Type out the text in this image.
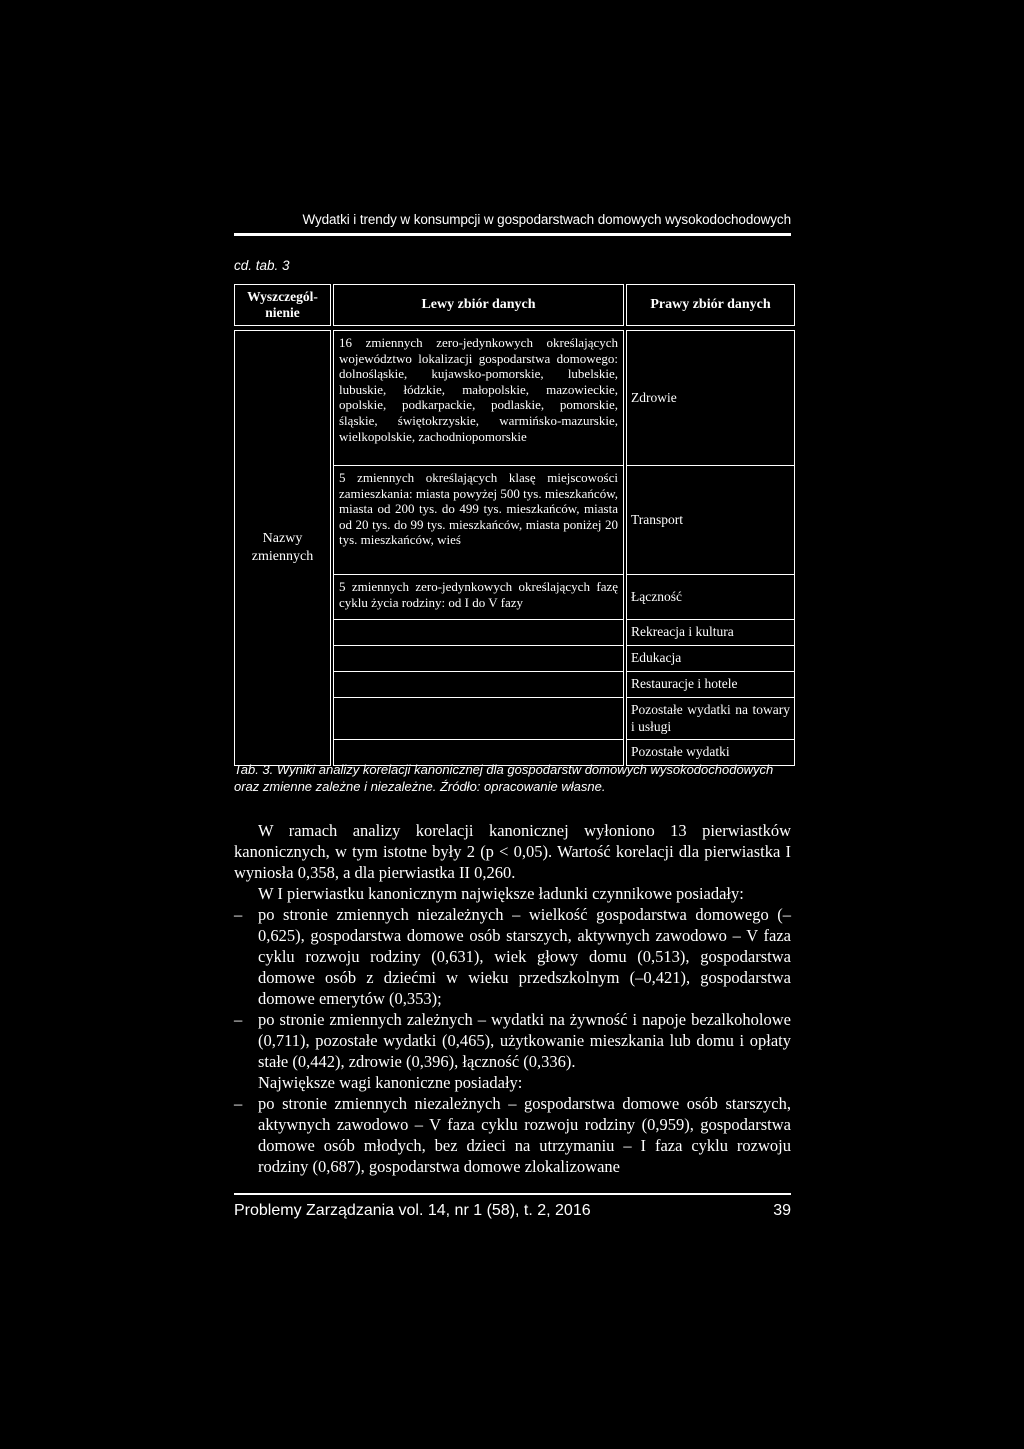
Wydatki i trendy w konsumpcji w gospodarstwach domowych wysokodochodowych
cd. tab. 3
Wyszczegól-
nienie		Lewy zbiór danych		Prawy zbiór danych

Nazwy
zmiennych		16 zmiennych zero-jedynkowych określających województwo lokalizacji gospodarstwa domowego: dolnośląskie, kujawsko-pomorskie, lubelskie, lubuskie, łódzkie, małopolskie, mazowieckie, opolskie, podkarpackie, podlaskie, pomorskie, śląskie, świętokrzyskie, warmińsko-mazurskie, wielkopolskie, zachodniopomorskie		Zdrowie
		5 zmiennych określających klasę miejscowości zamieszkania: miasta powyżej 500 tys. mieszkańców, miasta od 200 tys. do 499 tys. mieszkańców, miasta od 20 tys. do 99 tys. mieszkańców, miasta poniżej 20 tys. mieszkańców, wieś		Transport
		5 zmiennych zero-jedynkowych określających fazę cyklu życia rodziny: od I do V fazy		Łączność
				Rekreacja i kultura
				Edukacja
				Restauracje i hotele
				Pozostałe wydatki na towary i usługi
				Pozostałe wydatki
Tab. 3. Wyniki analizy korelacji kanonicznej dla gospodarstw domowych wysokodochodowych oraz zmienne zależne i niezależne. Źródło: opracowanie własne.

W ramach analizy korelacji kanonicznej wyłoniono 13 pierwiastków kanonicznych, w tym istotne były 2 (p < 0,05). Wartość korelacji dla pierwiastka I wyniosła 0,358, a dla pierwiastka II 0,260.

W I pierwiastku kanonicznym największe ładunki czynnikowe posiadały:

– po stronie zmiennych niezależnych – wielkość gospodarstwa domowego (–0,625), gospodarstwa domowe osób starszych, aktywnych zawodowo – V faza cyklu rozwoju rodziny (0,631), wiek głowy domu (0,513), gospodarstwa domowe osób z dziećmi w wieku przedszkolnym (–0,421), gospodarstwa domowe emerytów (0,353);
– po stronie zmiennych zależnych – wydatki na żywność i napoje bezalkoholowe (0,711), pozostałe wydatki (0,465), użytkowanie mieszkania lub domu i opłaty stałe (0,442), zdrowie (0,396), łączność (0,336).

Największe wagi kanoniczne posiadały:

– po stronie zmiennych niezależnych – gospodarstwa domowe osób starszych, aktywnych zawodowo – V faza cyklu rozwoju rodziny (0,959), gospodarstwa domowe osób młodych, bez dzieci na utrzymaniu – I faza cyklu rozwoju rodziny (0,687), gospodarstwa domowe zlokalizowane
Problemy Zarządzania vol. 14, nr 1 (58), t. 2, 2016	39
